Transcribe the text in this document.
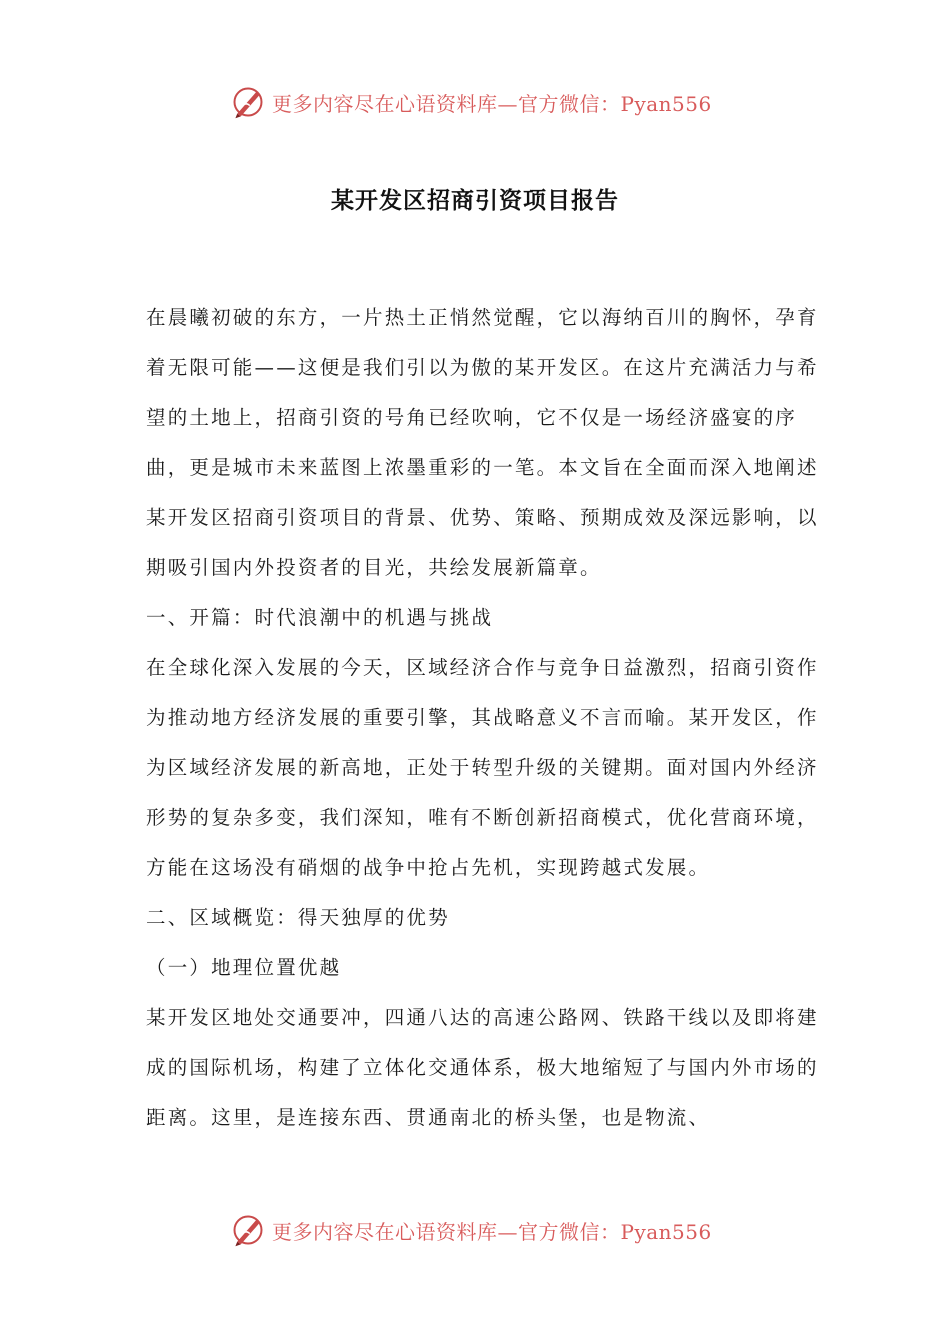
更多内容尽在心语资料库—官方微信：Pyan556
某开发区招商引资项目报告

在晨曦初破的东方，一片热土正悄然觉醒，它以海纳百川的胸怀，孕育着无限可能——这便是我们引以为傲的某开发区。在这片充满活力与希望的土地上，招商引资的号角已经吹响，它不仅是一场经济盛宴的序曲，更是城市未来蓝图上浓墨重彩的一笔。本文旨在全面而深入地阐述某开发区招商引资项目的背景、优势、策略、预期成效及深远影响，以期吸引国内外投资者的目光，共绘发展新篇章。

一、开篇：时代浪潮中的机遇与挑战

在全球化深入发展的今天，区域经济合作与竞争日益激烈，招商引资作为推动地方经济发展的重要引擎，其战略意义不言而喻。某开发区，作为区域经济发展的新高地，正处于转型升级的关键期。面对国内外经济形势的复杂多变，我们深知，唯有不断创新招商模式，优化营商环境，方能在这场没有硝烟的战争中抢占先机，实现跨越式发展。

二、区域概览：得天独厚的优势

（一）地理位置优越

某开发区地处交通要冲，四通八达的高速公路网、铁路干线以及即将建成的国际机场，构建了立体化交通体系，极大地缩短了与国内外市场的距离。这里，是连接东西、贯通南北的桥头堡，也是物流、

更多内容尽在心语资料库—官方微信：Pyan556
